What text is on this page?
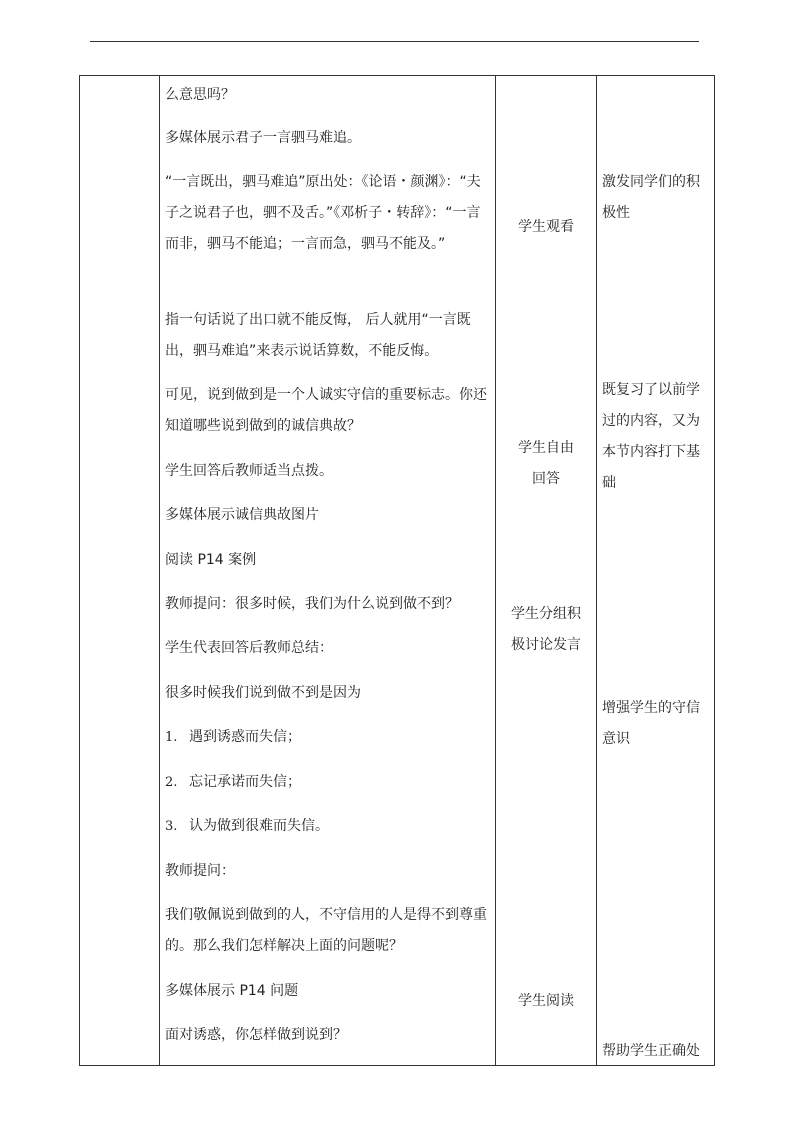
么意思吗？
多媒体展示君子一言驷马难追。
“一言既出，驷马难追”原出处：《论语・颜渊》：“夫子之说君子也，驷不及舌。”《邓析子・转辞》：“一言而非，驷马不能追；一言而急，驷马不能及。”
指一句话说了出口就不能反悔， 后人就用“一言既出，驷马难追”来表示说话算数，不能反悔。
可见，说到做到是一个人诚实守信的重要标志。你还知道哪些说到做到的诚信典故？
学生回答后教师适当点拨。
多媒体展示诚信典故图片
阅读 P14 案例
教师提问：很多时候，我们为什么说到做不到？
学生代表回答后教师总结：
很多时候我们说到做不到是因为
1. 遇到诱惑而失信；
2. 忘记承诺而失信；
3. 认为做到很难而失信。
教师提问：
我们敬佩说到做到的人，不守信用的人是得不到尊重的。那么我们怎样解决上面的问题呢？
多媒体展示 P14 问题
面对诱惑，你怎样做到说到？
学生观看
学生自由回答
学生分组积极讨论发言
学生阅读
激发同学们的积极性
既复习了以前学过的内容，又为本节内容打下基础
增强学生的守信意识
帮助学生正确处
